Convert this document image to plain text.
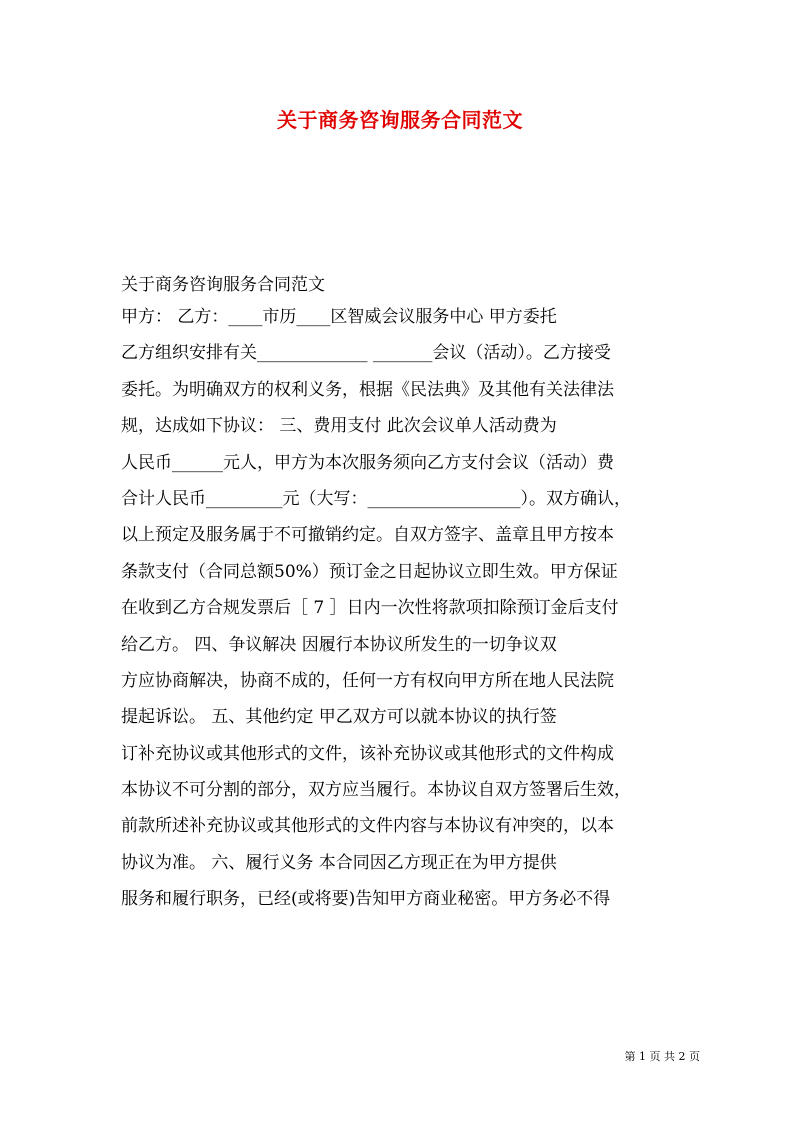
关于商务咨询服务合同范文
关于商务咨询服务合同范文
甲方： 乙方：____市历____区智威会议服务中心 甲方委托
乙方组织安排有关_____________ _______会议（活动）。乙方接受
委托。为明确双方的权利义务，根据《民法典》及其他有关法律法
规，达成如下协议： 三、费用支付 此次会议单人活动费为
人民币______元人，甲方为本次服务须向乙方支付会议（活动）费
合计人民币_________元（大写：__________________）。双方确认，
以上预定及服务属于不可撤销约定。自双方签字、盖章且甲方按本
条款支付（合同总额50%）预订金之日起协议立即生效。甲方保证
在收到乙方合规发票后［ 7 ］日内一次性将款项扣除预订金后支付
给乙方。 四、争议解决 因履行本协议所发生的一切争议双
方应协商解决，协商不成的，任何一方有权向甲方所在地人民法院
提起诉讼。 五、其他约定 甲乙双方可以就本协议的执行签
订补充协议或其他形式的文件，该补充协议或其他形式的文件构成
本协议不可分割的部分，双方应当履行。本协议自双方签署后生效，
前款所述补充协议或其他形式的文件内容与本协议有冲突的，以本
协议为准。 六、履行义务 本合同因乙方现正在为甲方提供
服务和履行职务，已经(或将要)告知甲方商业秘密。甲方务必不得
第 1 页 共 2 页
